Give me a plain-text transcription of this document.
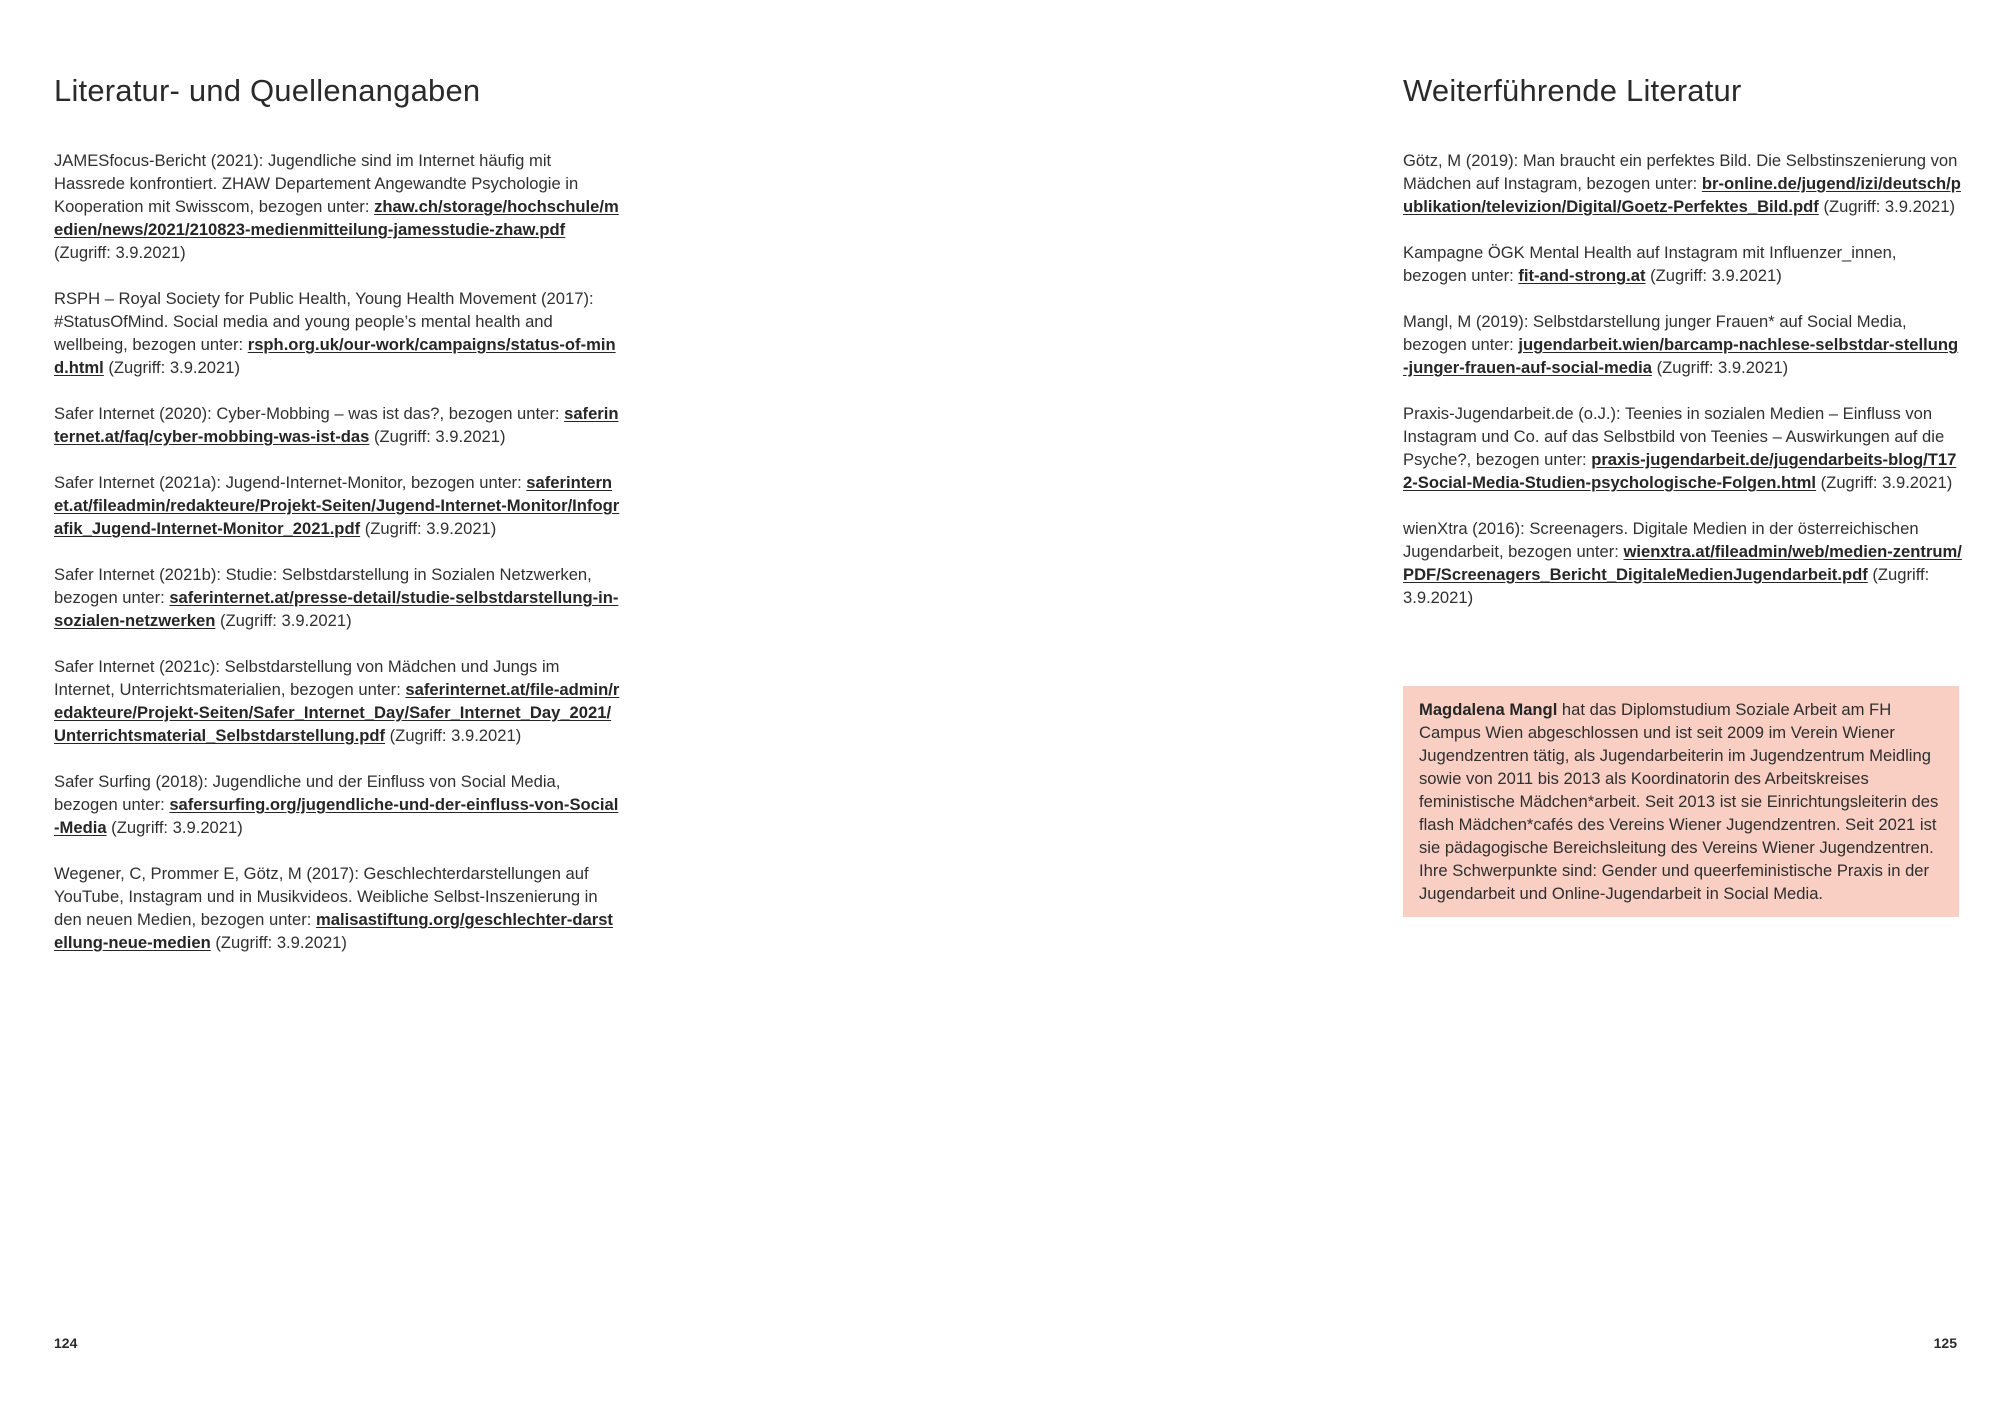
Literatur- und Quellenangaben

JAMESfocus-Bericht (2021): Jugendliche sind im Internet häufig mit Hassrede konfrontiert. ZHAW Departement Angewandte Psychologie in Kooperation mit Swisscom, bezogen unter: zhaw.ch/storage/hochschule/medien/news/2021/210823-medienmitteilung-jamesstudie-zhaw.pdf (Zugriff: 3.9.2021)

RSPH – Royal Society for Public Health, Young Health Movement (2017): #StatusOfMind. Social media and young people’s mental health and wellbeing, bezogen unter: rsph.org.uk/our-work/campaigns/status-of-mind.html (Zugriff: 3.9.2021)

Safer Internet (2020): Cyber-Mobbing – was ist das?, bezogen unter: saferinternet.at/faq/cyber-mobbing-was-ist-das (Zugriff: 3.9.2021)

Safer Internet (2021a): Jugend-Internet-Monitor, bezogen unter: saferinternet.at/fileadmin/redakteure/Projekt-Seiten/Jugend-Internet-Monitor/Infografik_Jugend-Internet-Monitor_2021.pdf (Zugriff: 3.9.2021)

Safer Internet (2021b): Studie: Selbstdarstellung in Sozialen Netzwerken, bezogen unter: saferinternet.at/presse-detail/studie-selbstdarstellung-in-sozialen-netzwerken (Zugriff: 3.9.2021)

Safer Internet (2021c): Selbstdarstellung von Mädchen und Jungs im Internet, Unterrichtsmaterialien, bezogen unter: saferinternet.at/file-admin/redakteure/Projekt-Seiten/Safer_Internet_Day/Safer_Internet_Day_2021/Unterrichtsmaterial_Selbstdarstellung.pdf (Zugriff: 3.9.2021)

Safer Surfing (2018): Jugendliche und der Einfluss von Social Media, bezogen unter: safersurfing.org/jugendliche-und-der-einfluss-von-Social-Media (Zugriff: 3.9.2021)

Wegener, C, Prommer E, Götz, M (2017): Geschlechterdarstellungen auf YouTube, Instagram und in Musikvideos. Weibliche Selbst-Inszenierung in den neuen Medien, bezogen unter: malisastiftung.org/geschlechter-darstellung-neue-medien (Zugriff: 3.9.2021)

124
Weiterführende Literatur

Götz, M (2019): Man braucht ein perfektes Bild. Die Selbstinszenierung von Mädchen auf Instagram, bezogen unter: br-online.de/jugend/izi/deutsch/publikation/televizion/Digital/Goetz-Perfektes_Bild.pdf (Zugriff: 3.9.2021)

Kampagne ÖGK Mental Health auf Instagram mit Influenzer_innen, bezogen unter: fit-and-strong.at (Zugriff: 3.9.2021)

Mangl, M (2019): Selbstdarstellung junger Frauen* auf Social Media, bezogen unter: jugendarbeit.wien/barcamp-nachlese-selbstdar-stellung-junger-frauen-auf-social-media (Zugriff: 3.9.2021)

Praxis-Jugendarbeit.de (o.J.): Teenies in sozialen Medien – Einfluss von Instagram und Co. auf das Selbstbild von Teenies – Auswirkungen auf die Psyche?, bezogen unter: praxis-jugendarbeit.de/jugendarbeits-blog/T172-Social-Media-Studien-psychologische-Folgen.html (Zugriff: 3.9.2021)

wienXtra (2016): Screenagers. Digitale Medien in der österreichischen Jugendarbeit, bezogen unter: wienxtra.at/fileadmin/web/medien-zentrum/PDF/Screenagers_Bericht_DigitaleMedienJugendarbeit.pdf (Zugriff: 3.9.2021)

Magdalena Mangl hat das Diplomstudium Soziale Arbeit am FH Campus Wien abgeschlossen und ist seit 2009 im Verein Wiener Jugendzentren tätig, als Jugendarbeiterin im Jugendzentrum Meidling sowie von 2011 bis 2013 als Koordinatorin des Arbeitskreises feministische Mädchen*arbeit. Seit 2013 ist sie Einrichtungsleiterin des flash Mädchen*cafés des Vereins Wiener Jugendzentren. Seit 2021 ist sie pädagogische Bereichsleitung des Vereins Wiener Jugendzentren. Ihre Schwerpunkte sind: Gender und queerfeministische Praxis in der Jugendarbeit und Online-Jugendarbeit in Social Media.
125
